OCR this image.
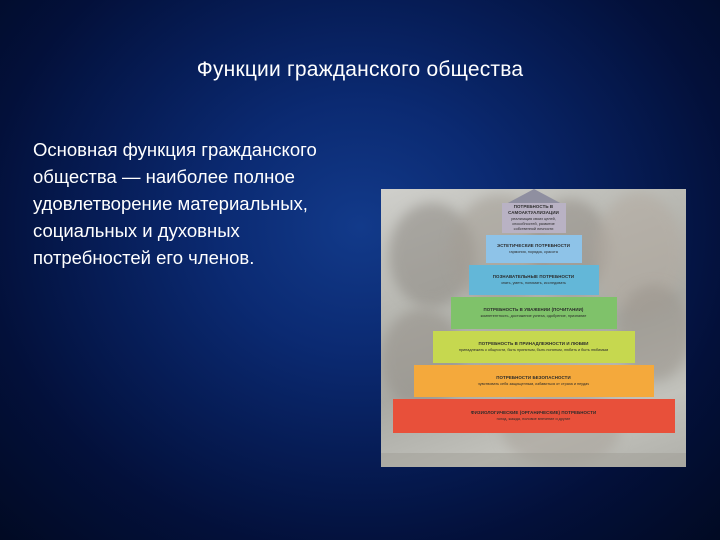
Функции гражданского общества
Основная функция гражданского общества — наиболее полное удовлетворение материальных, социальных и духовных потребностей его членов.
ПОТРЕБНОСТЬ В САМОАКТУАЛИЗАЦИИ
реализация своих целей, способностей, развитие собственной личности
ЭСТЕТИЧЕСКИЕ ПОТРЕБНОСТИ
гармония, порядок, красота
ПОЗНАВАТЕЛЬНЫЕ ПОТРЕБНОСТИ
знать, уметь, понимать, исследовать
ПОТРЕБНОСТЬ В УВАЖЕНИИ (ПОЧИТАНИИ)
компетентность, достижение успеха, одобрение, признание
ПОТРЕБНОСТЬ В ПРИНАДЛЕЖНОСТИ И ЛЮБВИ
принадлежать к общности, быть принятым, быть понятым, любить и быть любимым
ПОТРЕБНОСТИ БЕЗОПАСНОСТИ
чувствовать себя защищенным, избавиться от страха и неудач
ФИЗИОЛОГИЧЕСКИЕ (ОРГАНИЧЕСКИЕ) ПОТРЕБНОСТИ
голод, жажда, половое влечение и другие
